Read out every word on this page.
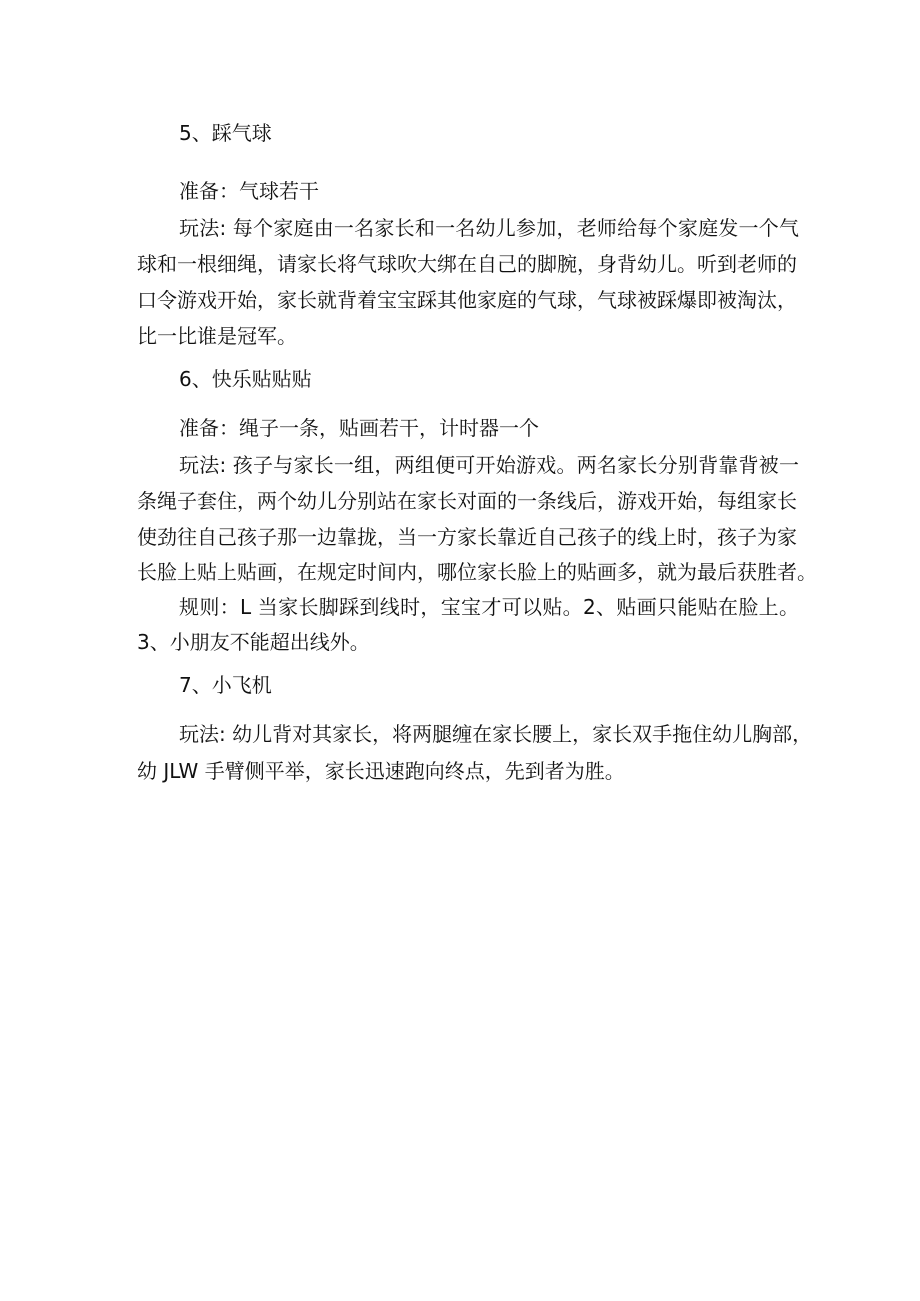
5、踩气球
准备：气球若干
玩法: 每个家庭由一名家长和一名幼儿参加，老师给每个家庭发一个气
球和一根细绳，请家长将气球吹大绑在自己的脚腕，身背幼儿。听到老师的
口令游戏开始，家长就背着宝宝踩其他家庭的气球，气球被踩爆即被淘汰，
比一比谁是冠军。
6、快乐贴贴贴
准备：绳子一条，贴画若干，计时器一个
玩法: 孩子与家长一组，两组便可开始游戏。两名家长分别背靠背被一
条绳子套住，两个幼儿分别站在家长对面的一条线后，游戏开始，每组家长
使劲往自己孩子那一边靠拢，当一方家长靠近自己孩子的线上时，孩子为家
长脸上贴上贴画，在规定时间内，哪位家长脸上的贴画多，就为最后获胜者。
规则：L 当家长脚踩到线时，宝宝才可以贴。2、贴画只能贴在脸上。
3、小朋友不能超出线外。
7、小飞机
玩法: 幼儿背对其家长，将两腿缠在家长腰上，家长双手拖住幼儿胸部，
幼 JLW 手臂侧平举，家长迅速跑向终点，先到者为胜。
